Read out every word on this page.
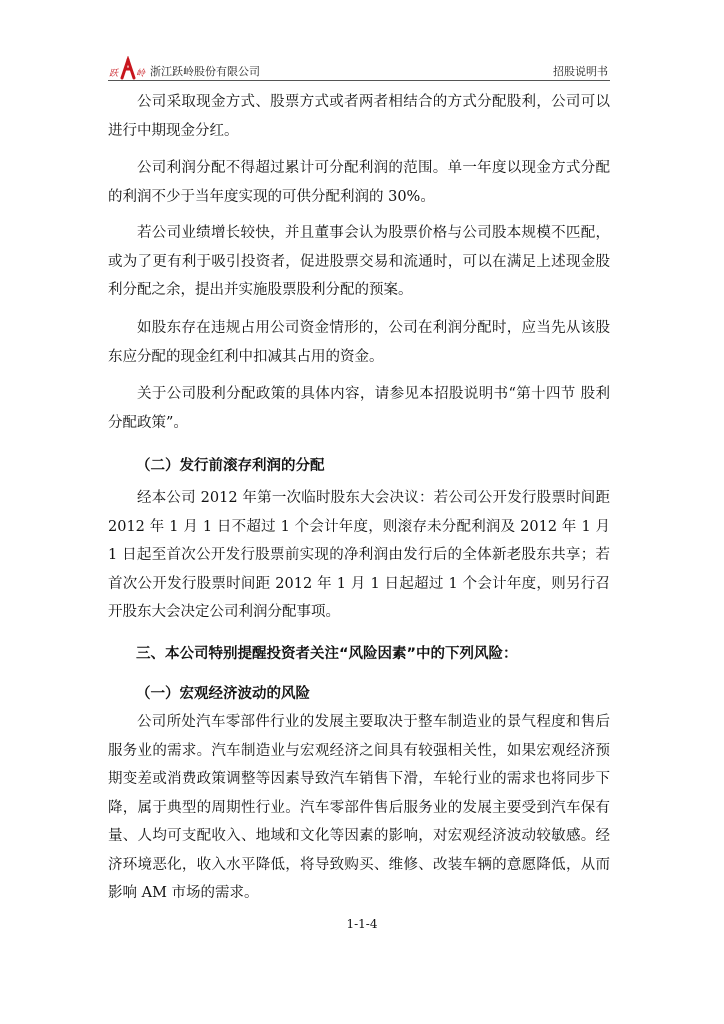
跃 岭 浙江跃岭股份有限公司	招股说明书

公司采取现金方式、股票方式或者两者相结合的方式分配股利，公司可以进行中期现金分红。

公司利润分配不得超过累计可分配利润的范围。单一年度以现金方式分配的利润不少于当年度实现的可供分配利润的 30%。

若公司业绩增长较快，并且董事会认为股票价格与公司股本规模不匹配，或为了更有利于吸引投资者，促进股票交易和流通时，可以在满足上述现金股利分配之余，提出并实施股票股利分配的预案。

如股东存在违规占用公司资金情形的，公司在利润分配时，应当先从该股东应分配的现金红利中扣减其占用的资金。

关于公司股利分配政策的具体内容，请参见本招股说明书“第十四节 股利分配政策”。

（二）发行前滚存利润的分配

经本公司 2012 年第一次临时股东大会决议：若公司公开发行股票时间距 2012 年 1 月 1 日不超过 1 个会计年度，则滚存未分配利润及 2012 年 1 月 1 日起至首次公开发行股票前实现的净利润由发行后的全体新老股东共享；若首次公开发行股票时间距 2012 年 1 月 1 日起超过 1 个会计年度，则另行召开股东大会决定公司利润分配事项。

三、本公司特别提醒投资者关注“风险因素”中的下列风险：
（一）宏观经济波动的风险

公司所处汽车零部件行业的发展主要取决于整车制造业的景气程度和售后服务业的需求。汽车制造业与宏观经济之间具有较强相关性，如果宏观经济预期变差或消费政策调整等因素导致汽车销售下滑，车轮行业的需求也将同步下降，属于典型的周期性行业。汽车零部件售后服务业的发展主要受到汽车保有量、人均可支配收入、地域和文化等因素的影响，对宏观经济波动较敏感。经济环境恶化，收入水平降低，将导致购买、维修、改装车辆的意愿降低，从而影响 AM 市场的需求。

1-1-4
